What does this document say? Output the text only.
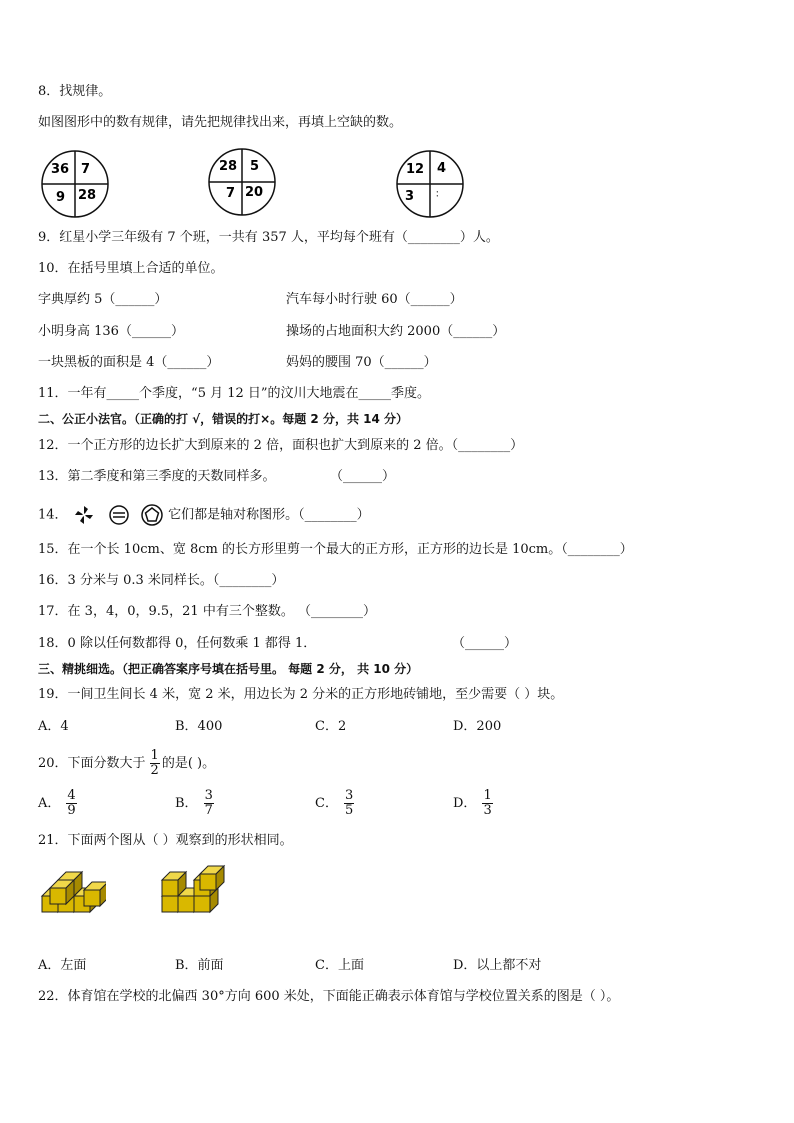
8．找规律。
如图图形中的数有规律，请先把规律找出来，再填上空缺的数。
36 7
9 28
28 5
7 20
12 4
3 ：
9．红星小学三年级有 7 个班，一共有 357 人，平均每个班有（________）人。
10．在括号里填上合适的单位。
字典厚约 5（______）	汽车每小时行驶 60（______）
小明身高 136（______）	操场的占地面积大约 2000（______）
一块黑板的面积是 4（______）	妈妈的腰围 70（______）
11．一年有_____个季度，“5 月 12 日”的汶川大地震在_____季度。
二、公正小法官。（正确的打 √，错误的打×。每题 2 分，共 14 分）
12．一个正方形的边长扩大到原来的 2 倍，面积也扩大到原来的 2 倍。（________）
13．第二季度和第三季度的天数同样多。	（______）
14．	它们都是轴对称图形。（________）
15．在一个长 10cm、宽 8cm 的长方形里剪一个最大的正方形，正方形的边长是 10cm。（________）
16．3 分米与 0.3 米同样长。（________）
17．在 3，4，0，9.5，21 中有三个整数。 （________）
18．0 除以任何数都得 0，任何数乘 1 都得 1．	（______）
三、精挑细选。（把正确答案序号填在括号里。 每题 2 分， 共 10 分）
19．一间卫生间长 4 米，宽 2 米，用边长为 2 分米的正方形地砖铺地，至少需要（ ）块。
A．4	B．400	C．2	D．200
20．下面分数大于 $\frac{1}{2}$ 的是( )。
A． $\frac{4}{9}$	B． $\frac{3}{7}$	C． $\frac{3}{5}$	D． $\frac{1}{3}$
21．下面两个图从（ ）观察到的形状相同。
A．左面	B．前面	C．上面	D．以上都不对
22．体育馆在学校的北偏西 30°方向 600 米处，下面能正确表示体育馆与学校位置关系的图是（ ）。
